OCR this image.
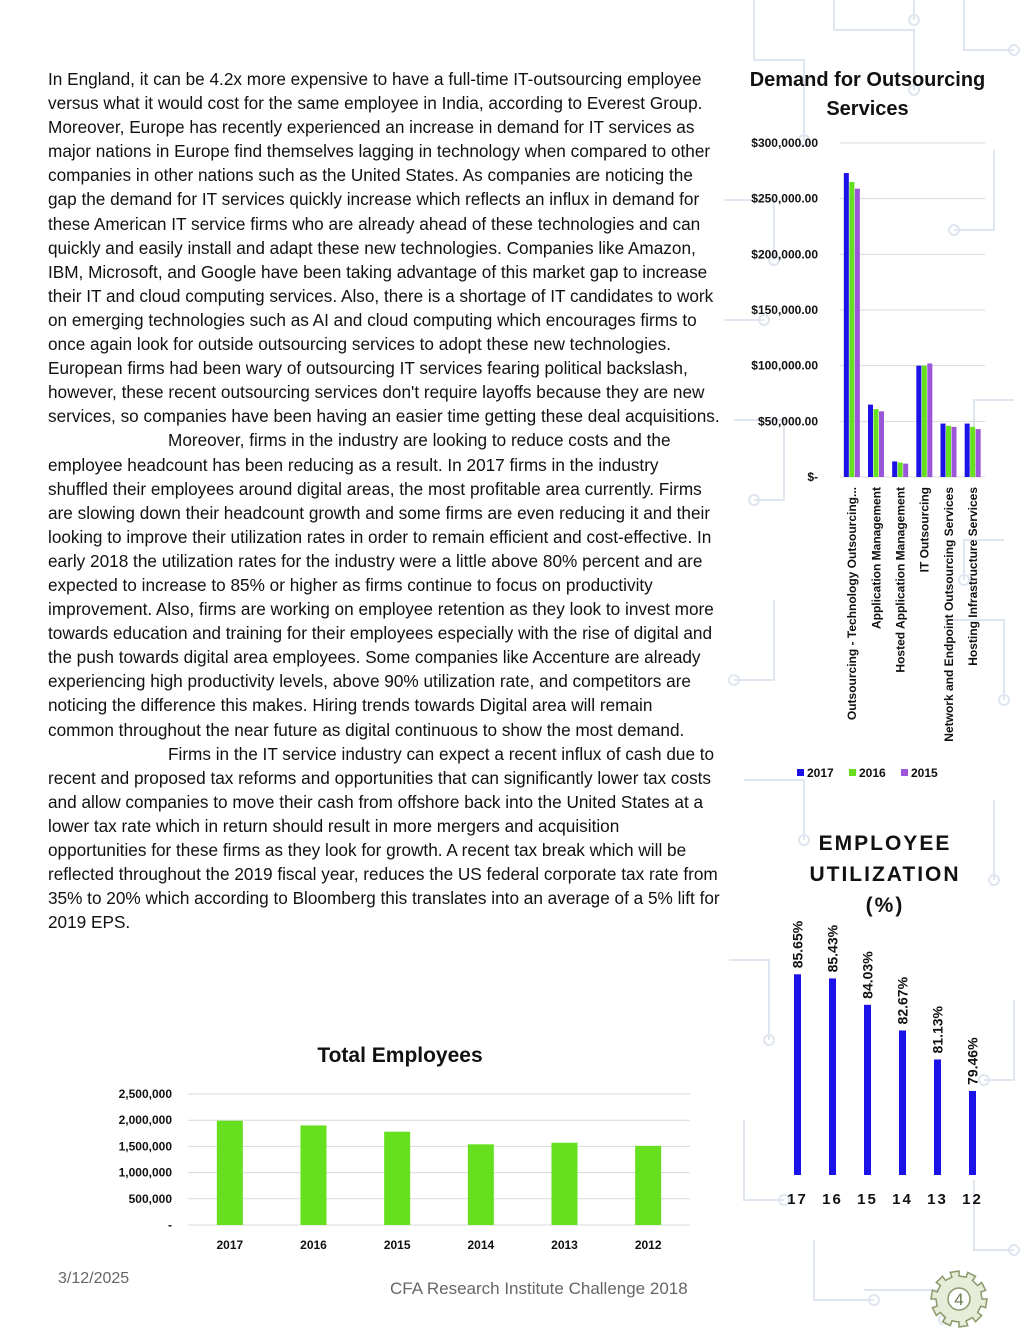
In England, it can be 4.2x more expensive to have a full-time IT-outsourcing employee versus what it would cost for the same employee in India, according to Everest Group. Moreover, Europe has recently experienced an increase in demand for IT services as major nations in Europe find themselves lagging in technology when compared to other companies in other nations such as the United States. As companies are noticing the gap the demand for IT services quickly increase which reflects an influx in demand for these American IT service firms who are already ahead of these technologies and can quickly and easily install and adapt these new technologies. Companies like Amazon, IBM, Microsoft, and Google have been taking advantage of this market gap to increase their IT and cloud computing services. Also, there is a shortage of IT candidates to work on emerging technologies such as AI and cloud computing which encourages firms to once again look for outside outsourcing services to adopt these new technologies.

European firms had been wary of outsourcing IT services fearing political backslash, however, these recent outsourcing services don't require layoffs because they are new services, so companies have been having an easier time getting these deal acquisitions.

Moreover, firms in the industry are looking to reduce costs and the employee headcount has been reducing as a result. In 2017 firms in the industry shuffled their employees around digital areas, the most profitable area currently. Firms are slowing down their headcount growth and some firms are even reducing it and their looking to improve their utilization rates in order to remain efficient and cost-effective. In early 2018 the utilization rates for the industry were a little above 80% percent and are expected to increase to 85% or higher as firms continue to focus on productivity improvement. Also, firms are working on employee retention as they look to invest more towards education and training for their employees especially with the rise of digital and the push towards digital area employees. Some companies like Accenture are already experiencing high productivity levels, above 90% utilization rate, and competitors are noticing the difference this makes. Hiring trends towards Digital area will remain common throughout the near future as digital continuous to show the most demand.

Firms in the IT service industry can expect a recent influx of cash due to recent and proposed tax reforms and opportunities that can significantly lower tax costs and allow companies to move their cash from offshore back into the United States at a lower tax rate which in return should result in more mergers and acquisition opportunities for these firms as they look for growth. A recent tax break which will be reflected throughout the 2019 fiscal year, reduces the US federal corporate tax rate from 35% to 20% which according to Bloomberg this translates into an average of a 5% lift for 2019 EPS.

Demand for Outsourcing Services
$-
$50,000.00
$100,000.00
$150,000.00
$200,000.00
$250,000.00
$300,000.00
Outsourcing - Technology Outsourcing... Application Management Hosted Application Management IT Outsourcing Network and Endpoint Outsourcing Services Hosting Infrastructure Services
2017 2016 2015
EMPLOYEE UTILIZATION (%)
85.65%
17
85.43%
16
84.03%
15
82.67%
14
81.13%
13
79.46%
12
Total Employees
-
500,000
1,000,000
1,500,000
2,000,000
2,500,000
2017	2016	2015	2014	2013	2012
3/12/2025
CFA Research Institute Challenge 2018
4
